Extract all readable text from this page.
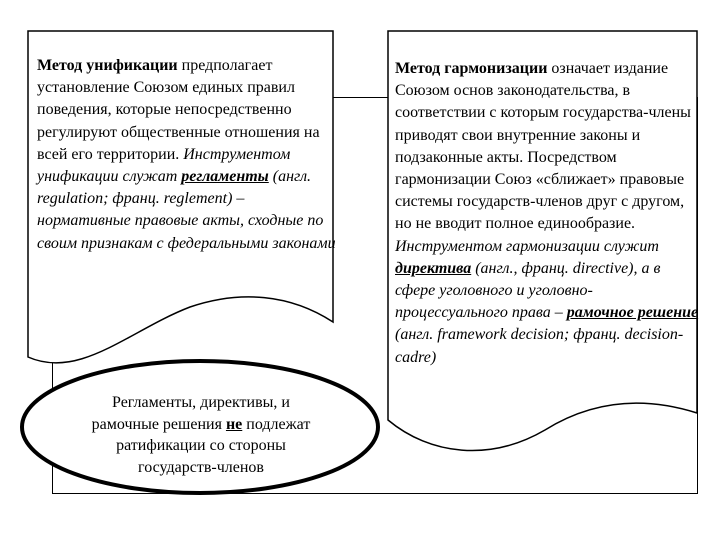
Метод унификации предполагает установление Союзом единых правил поведения, которые непосредственно регулируют общественные отношения на всей его территории. Инструментом унификации служат регламенты (англ. regulation; франц. reglement) – нормативные правовые акты, сходные по своим признакам с федеральными законами
Метод гармонизации означает издание Союзом основ законодательства, в соответствии с которым государства-члены приводят свои внутренние законы и подзаконные акты. Посредством гармонизации Союз «сближает» правовые системы государств-членов друг с другом, но не вводит полное единообразие. Инструментом гармонизации служит директива (англ., франц. directive), а в сфере уголовного и уголовно-процессуального права – рамочное решение (англ. framework decision; франц. decision-cadre)
Регламенты, директивы, и рамочные решения не подлежат ратификации со стороны государств-членов
